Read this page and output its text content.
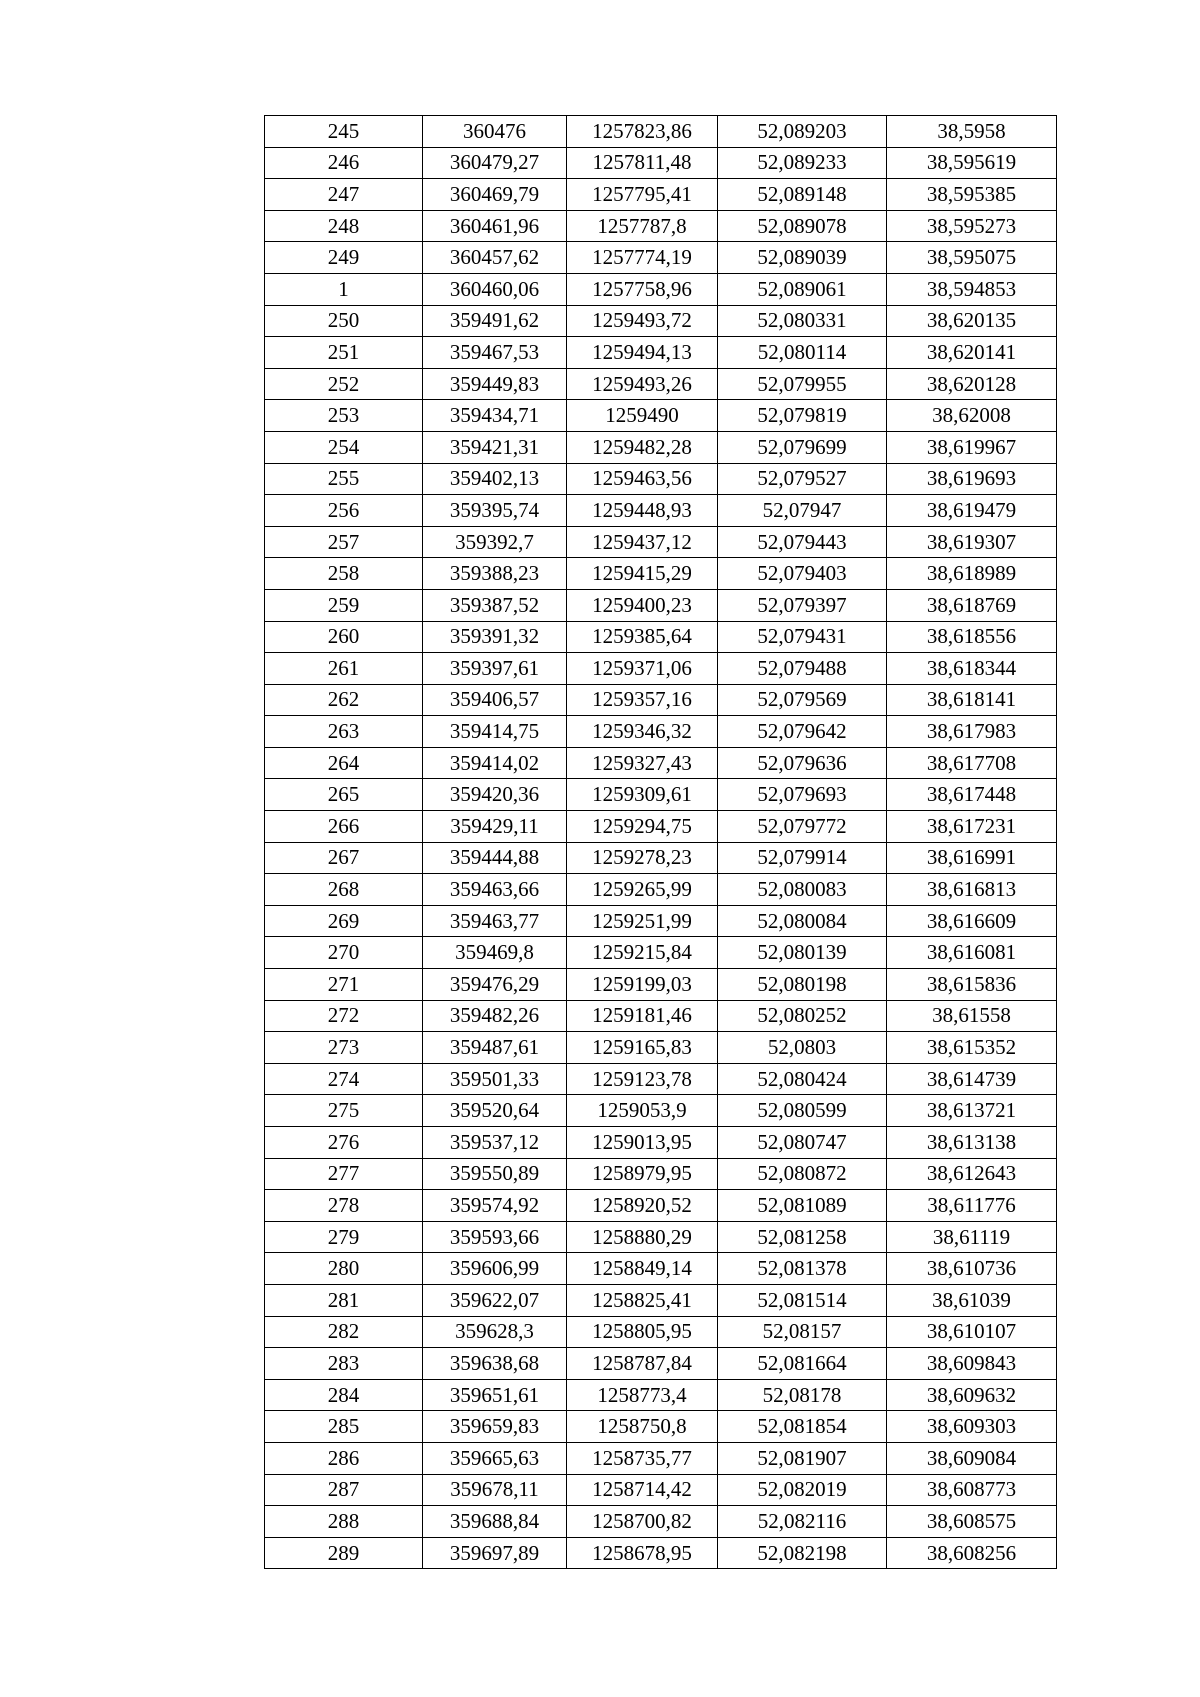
245	360476	1257823,86	52,089203	38,5958
246	360479,27	1257811,48	52,089233	38,595619
247	360469,79	1257795,41	52,089148	38,595385
248	360461,96	1257787,8	52,089078	38,595273
249	360457,62	1257774,19	52,089039	38,595075
1	360460,06	1257758,96	52,089061	38,594853
250	359491,62	1259493,72	52,080331	38,620135
251	359467,53	1259494,13	52,080114	38,620141
252	359449,83	1259493,26	52,079955	38,620128
253	359434,71	1259490	52,079819	38,62008
254	359421,31	1259482,28	52,079699	38,619967
255	359402,13	1259463,56	52,079527	38,619693
256	359395,74	1259448,93	52,07947	38,619479
257	359392,7	1259437,12	52,079443	38,619307
258	359388,23	1259415,29	52,079403	38,618989
259	359387,52	1259400,23	52,079397	38,618769
260	359391,32	1259385,64	52,079431	38,618556
261	359397,61	1259371,06	52,079488	38,618344
262	359406,57	1259357,16	52,079569	38,618141
263	359414,75	1259346,32	52,079642	38,617983
264	359414,02	1259327,43	52,079636	38,617708
265	359420,36	1259309,61	52,079693	38,617448
266	359429,11	1259294,75	52,079772	38,617231
267	359444,88	1259278,23	52,079914	38,616991
268	359463,66	1259265,99	52,080083	38,616813
269	359463,77	1259251,99	52,080084	38,616609
270	359469,8	1259215,84	52,080139	38,616081
271	359476,29	1259199,03	52,080198	38,615836
272	359482,26	1259181,46	52,080252	38,61558
273	359487,61	1259165,83	52,0803	38,615352
274	359501,33	1259123,78	52,080424	38,614739
275	359520,64	1259053,9	52,080599	38,613721
276	359537,12	1259013,95	52,080747	38,613138
277	359550,89	1258979,95	52,080872	38,612643
278	359574,92	1258920,52	52,081089	38,611776
279	359593,66	1258880,29	52,081258	38,61119
280	359606,99	1258849,14	52,081378	38,610736
281	359622,07	1258825,41	52,081514	38,61039
282	359628,3	1258805,95	52,08157	38,610107
283	359638,68	1258787,84	52,081664	38,609843
284	359651,61	1258773,4	52,08178	38,609632
285	359659,83	1258750,8	52,081854	38,609303
286	359665,63	1258735,77	52,081907	38,609084
287	359678,11	1258714,42	52,082019	38,608773
288	359688,84	1258700,82	52,082116	38,608575
289	359697,89	1258678,95	52,082198	38,608256
